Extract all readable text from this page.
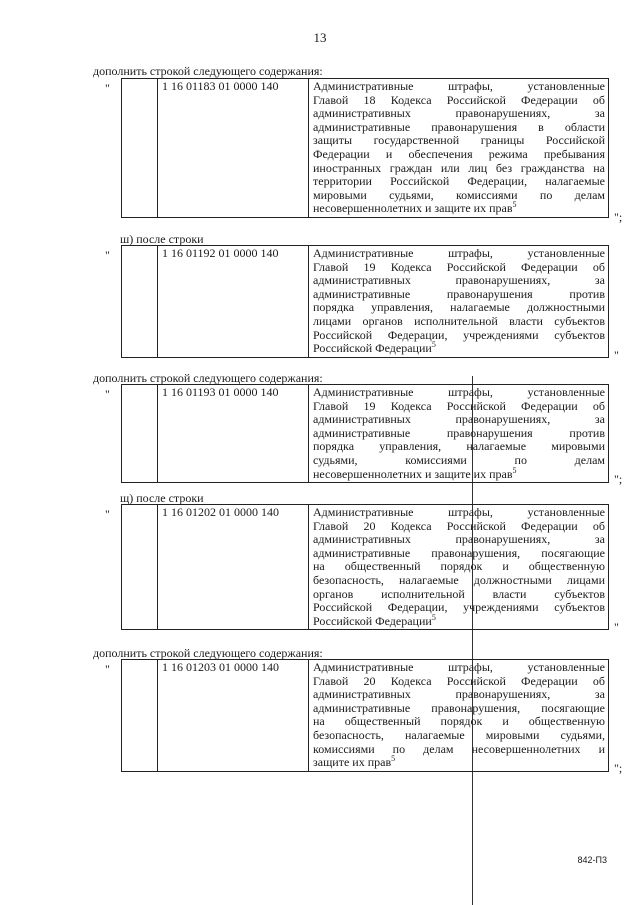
13
дополнить строкой следующего содержания:
"
";
	1 16 01183 01 0000 140	Административные штрафы, установленные
Главой 18 Кодекса Российской Федерации об
административных правонарушениях, за
административные правонарушения в области
защиты государственной границы Российской
Федерации и обеспечения режима пребывания
иностранных граждан или лиц без гражданства на
территории Российской Федерации, налагаемые
мировыми судьями, комиссиями по делам
несовершеннолетних и защите их прав$^5$
ш) после строки
"
"
	1 16 01192 01 0000 140	Административные штрафы, установленные
Главой 19 Кодекса Российской Федерации об
административных правонарушениях, за
административные правонарушения против
порядка управления, налагаемые должностными
лицами органов исполнительной власти субъектов
Российской Федерации, учреждениями субъектов
Российской Федерации$^5$
дополнить строкой следующего содержания:
"
";
	1 16 01193 01 0000 140	Административные штрафы, установленные
Главой 19 Кодекса Российской Федерации об
административных правонарушениях, за
административные правонарушения против
порядка управления, налагаемые мировыми
судьями, комиссиями по делам
несовершеннолетних и защите их прав$^5$
щ) после строки
"
"
	1 16 01202 01 0000 140	Административные штрафы, установленные
Главой 20 Кодекса Российской Федерации об
административных правонарушениях, за
административные правонарушения, посягающие
на общественный порядок и общественную
безопасность, налагаемые должностными лицами
органов исполнительной власти субъектов
Российской Федерации, учреждениями субъектов
Российской Федерации$^5$
дополнить строкой следующего содержания:
"
";
	1 16 01203 01 0000 140	Административные штрафы, установленные
Главой 20 Кодекса Российской Федерации об
административных правонарушениях, за
административные правонарушения, посягающие
на общественный порядок и общественную
безопасность, налагаемые мировыми судьями,
комиссиями по делам несовершеннолетних и
защите их прав$^5$
842-П3
